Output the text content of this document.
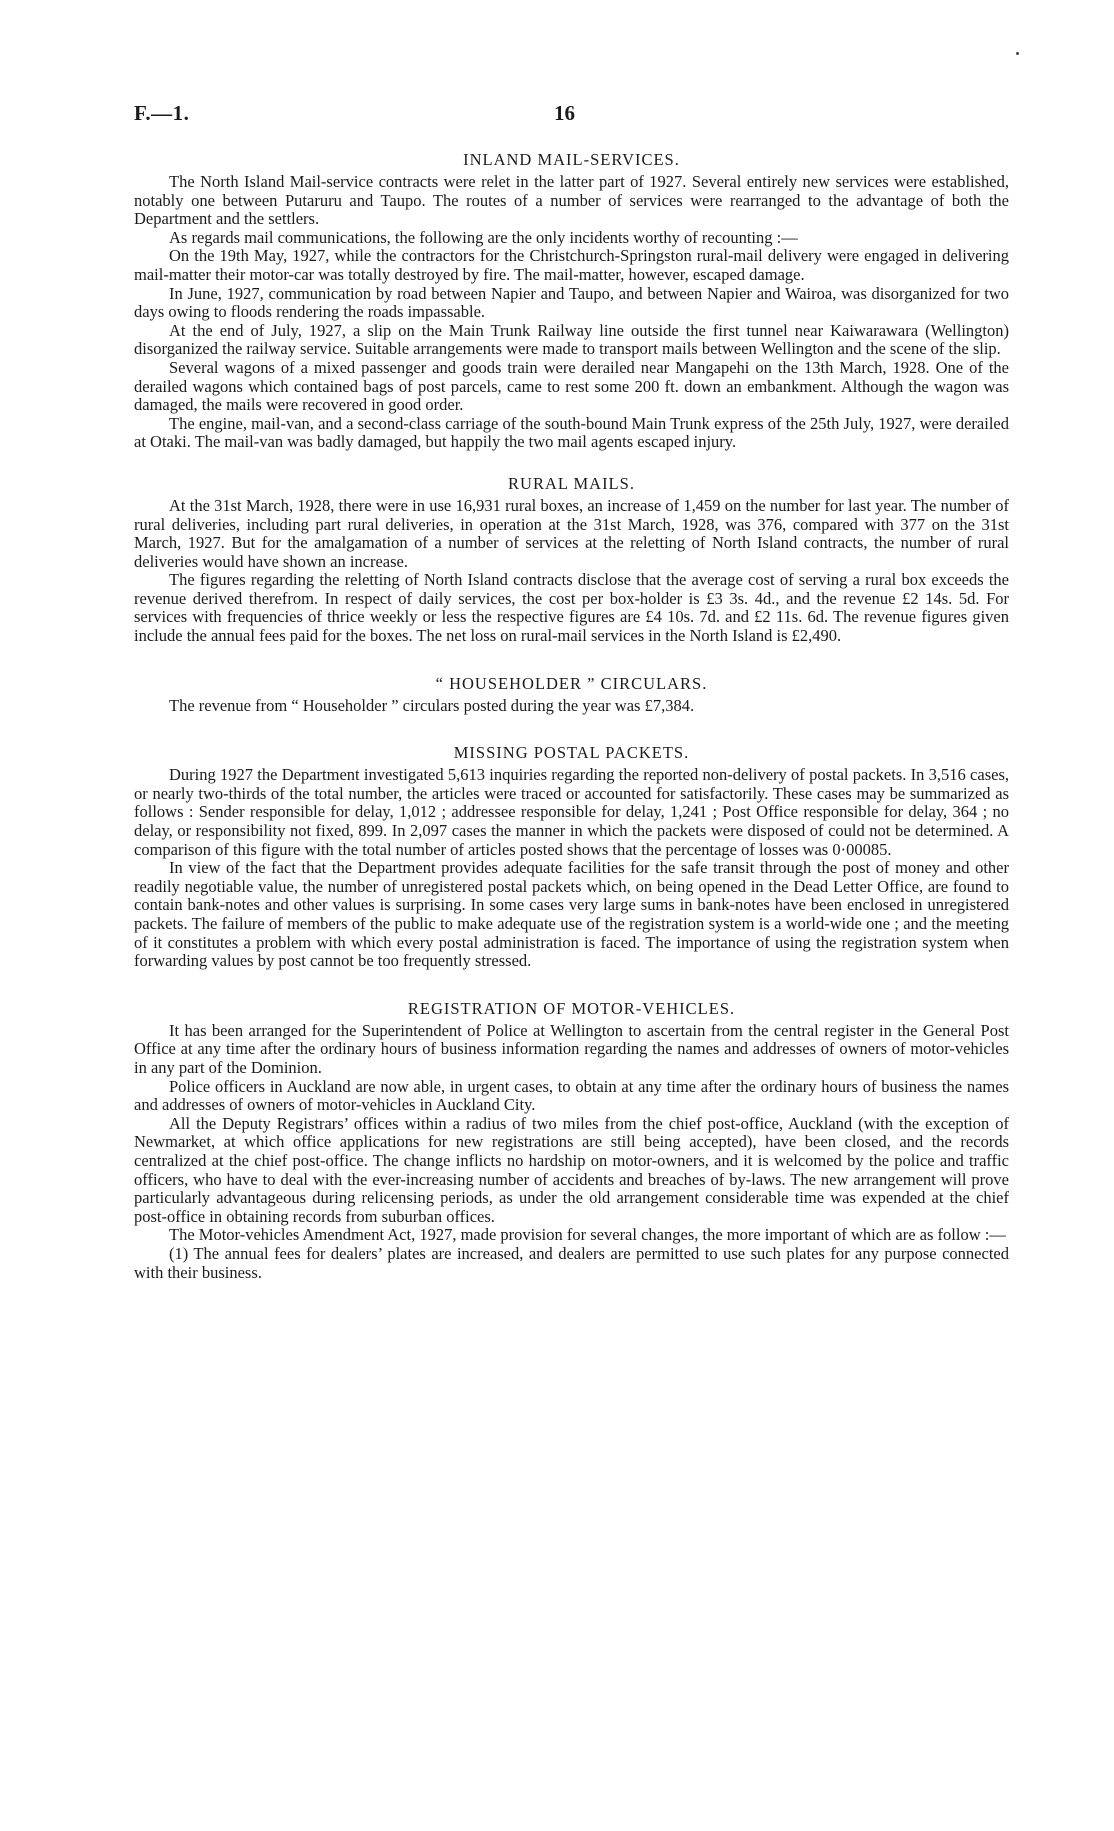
F.—1.	16
INLAND MAIL-SERVICES.

The North Island Mail-service contracts were relet in the latter part of 1927. Several entirely new services were established, notably one between Putaruru and Taupo. The routes of a number of services were rearranged to the advantage of both the Department and the settlers.

As regards mail communications, the following are the only incidents worthy of recounting :—

On the 19th May, 1927, while the contractors for the Christchurch-Springston rural-mail delivery were engaged in delivering mail-matter their motor-car was totally destroyed by fire. The mail-matter, however, escaped damage.

In June, 1927, communication by road between Napier and Taupo, and between Napier and Wairoa, was disorganized for two days owing to floods rendering the roads impassable.

At the end of July, 1927, a slip on the Main Trunk Railway line outside the first tunnel near Kaiwarawara (Wellington) disorganized the railway service. Suitable arrangements were made to transport mails between Wellington and the scene of the slip.

Several wagons of a mixed passenger and goods train were derailed near Mangapehi on the 13th March, 1928. One of the derailed wagons which contained bags of post parcels, came to rest some 200 ft. down an embankment. Although the wagon was damaged, the mails were recovered in good order.

The engine, mail-van, and a second-class carriage of the south-bound Main Trunk express of the 25th July, 1927, were derailed at Otaki. The mail-van was badly damaged, but happily the two mail agents escaped injury.

RURAL MAILS.

At the 31st March, 1928, there were in use 16,931 rural boxes, an increase of 1,459 on the number for last year. The number of rural deliveries, including part rural deliveries, in operation at the 31st March, 1928, was 376, compared with 377 on the 31st March, 1927. But for the amalgamation of a number of services at the reletting of North Island contracts, the number of rural deliveries would have shown an increase.

The figures regarding the reletting of North Island contracts disclose that the average cost of serving a rural box exceeds the revenue derived therefrom. In respect of daily services, the cost per box-holder is £3 3s. 4d., and the revenue £2 14s. 5d. For services with frequencies of thrice weekly or less the respective figures are £4 10s. 7d. and £2 11s. 6d. The revenue figures given include the annual fees paid for the boxes. The net loss on rural-mail services in the North Island is £2,490.

“ HOUSEHOLDER ” CIRCULARS.

The revenue from “ Householder ” circulars posted during the year was £7,384.

MISSING POSTAL PACKETS.

During 1927 the Department investigated 5,613 inquiries regarding the reported non-delivery of postal packets. In 3,516 cases, or nearly two-thirds of the total number, the articles were traced or accounted for satisfactorily. These cases may be summarized as follows : Sender responsible for delay, 1,012 ; addressee responsible for delay, 1,241 ; Post Office responsible for delay, 364 ; no delay, or responsibility not fixed, 899. In 2,097 cases the manner in which the packets were disposed of could not be determined. A comparison of this figure with the total number of articles posted shows that the percentage of losses was 0·00085.

In view of the fact that the Department provides adequate facilities for the safe transit through the post of money and other readily negotiable value, the number of unregistered postal packets which, on being opened in the Dead Letter Office, are found to contain bank-notes and other values is surprising. In some cases very large sums in bank-notes have been enclosed in unregistered packets. The failure of members of the public to make adequate use of the registration system is a world-wide one ; and the meeting of it constitutes a problem with which every postal administration is faced. The importance of using the registration system when forwarding values by post cannot be too frequently stressed.

REGISTRATION OF MOTOR-VEHICLES.

It has been arranged for the Superintendent of Police at Wellington to ascertain from the central register in the General Post Office at any time after the ordinary hours of business information regarding the names and addresses of owners of motor-vehicles in any part of the Dominion.

Police officers in Auckland are now able, in urgent cases, to obtain at any time after the ordinary hours of business the names and addresses of owners of motor-vehicles in Auckland City.

All the Deputy Registrars’ offices within a radius of two miles from the chief post-office, Auckland (with the exception of Newmarket, at which office applications for new registrations are still being accepted), have been closed, and the records centralized at the chief post-office. The change inflicts no hardship on motor-owners, and it is welcomed by the police and traffic officers, who have to deal with the ever-increasing number of accidents and breaches of by-laws. The new arrangement will prove particularly advantageous during relicensing periods, as under the old arrangement considerable time was expended at the chief post-office in obtaining records from suburban offices.

The Motor-vehicles Amendment Act, 1927, made provision for several changes, the more important of which are as follow :—

(1) The annual fees for dealers’ plates are increased, and dealers are permitted to use such plates for any purpose connected with their business.
